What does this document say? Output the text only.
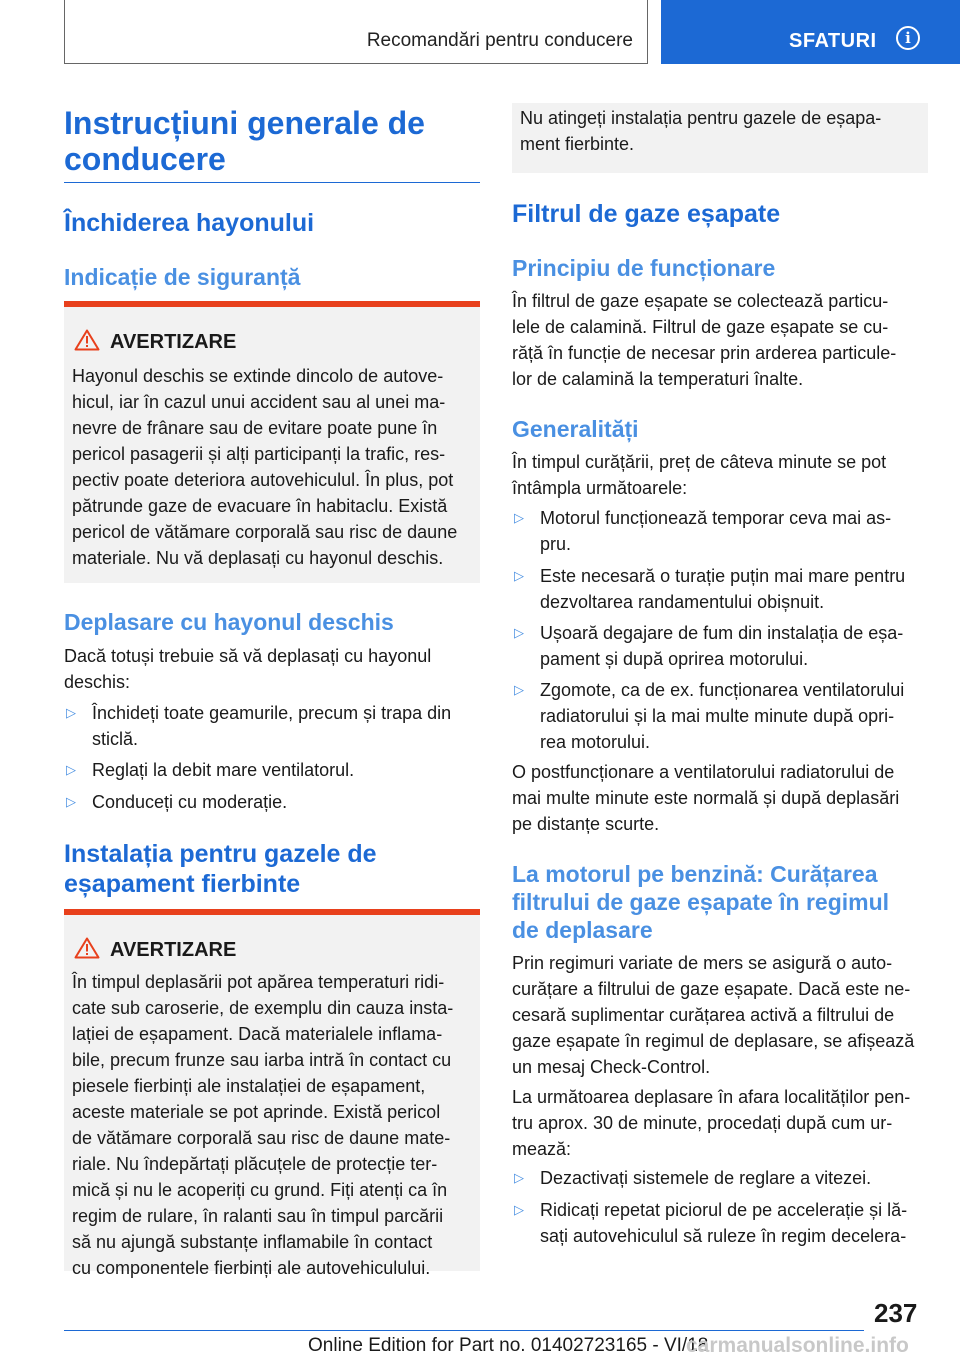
Recomandări pentru conducere	SFATURI	i
Instrucțiuni generale de conducere
Închiderea hayonului
Indicație de siguranță
AVERTIZARE
Hayonul deschis se extinde dincolo de autove-
hicul, iar în cazul unui accident sau al unei ma-
nevre de frânare sau de evitare poate pune în
pericol pasagerii și alți participanți la trafic, res-
pectiv poate deteriora autovehiculul. În plus, pot
pătrunde gaze de evacuare în habitaclu. Există
pericol de vătămare corporală sau risc de daune
materiale. Nu vă deplasați cu hayonul deschis.
Deplasare cu hayonul deschis
Dacă totuși trebuie să vă deplasați cu hayonul
deschis:
▷ Închideți toate geamurile, precum și trapa din
sticlă.
▷ Reglați la debit mare ventilatorul.
▷ Conduceți cu moderație.
Instalația pentru gazele de
eșapament fierbinte
AVERTIZARE
În timpul deplasării pot apărea temperaturi ridi-
cate sub caroserie, de exemplu din cauza insta-
lației de eșapament. Dacă materialele inflama-
bile, precum frunze sau iarba intră în contact cu
piesele fierbinți ale instalației de eșapament,
aceste materiale se pot aprinde. Există pericol
de vătămare corporală sau risc de daune mate-
riale. Nu îndepărtați plăcuțele de protecție ter-
mică și nu le acoperiți cu grund. Fiți atenți ca în
regim de rulare, în ralanti sau în timpul parcării
să nu ajungă substanțe inflamabile în contact
cu componentele fierbinți ale autovehiculului.
Nu atingeți instalația pentru gazele de eșapa-
ment fierbinte.
Filtrul de gaze eșapate
Principiu de funcționare
În filtrul de gaze eșapate se colectează particu-
lele de calamină. Filtrul de gaze eșapate se cu-
răță în funcție de necesar prin arderea particule-
lor de calamină la temperaturi înalte.
Generalități
În timpul curățării, preț de câteva minute se pot
întâmpla următoarele:
▷ Motorul funcționează temporar ceva mai as-
pru.
▷ Este necesară o turație puțin mai mare pentru
dezvoltarea randamentului obișnuit.
▷ Ușoară degajare de fum din instalația de eșa-
pament și după oprirea motorului.
▷ Zgomote, ca de ex. funcționarea ventilatorului
radiatorului și la mai multe minute după opri-
rea motorului.
O postfuncționare a ventilatorului radiatorului de
mai multe minute este normală și după deplasări
pe distanțe scurte.
La motorul pe benzină: Curățarea
filtrului de gaze eșapate în regimul
de deplasare
Prin regimuri variate de mers se asigură o auto-
curățare a filtrului de gaze eșapate. Dacă este ne-
cesară suplimentar curățarea activă a filtrului de
gaze eșapate în regimul de deplasare, se afișează
un mesaj Check-Control.
La următoarea deplasare în afara localităților pen-
tru aprox. 30 de minute, procedați după cum ur-
mează:
▷ Dezactivați sistemele de reglare a vitezei.
▷ Ridicați repetat piciorul de pe accelerație și lă-
sați autovehiculul să ruleze în regim decelera-
237
Online Edition for Part no. 01402723165 - VI/18
carmanualsonline.info
